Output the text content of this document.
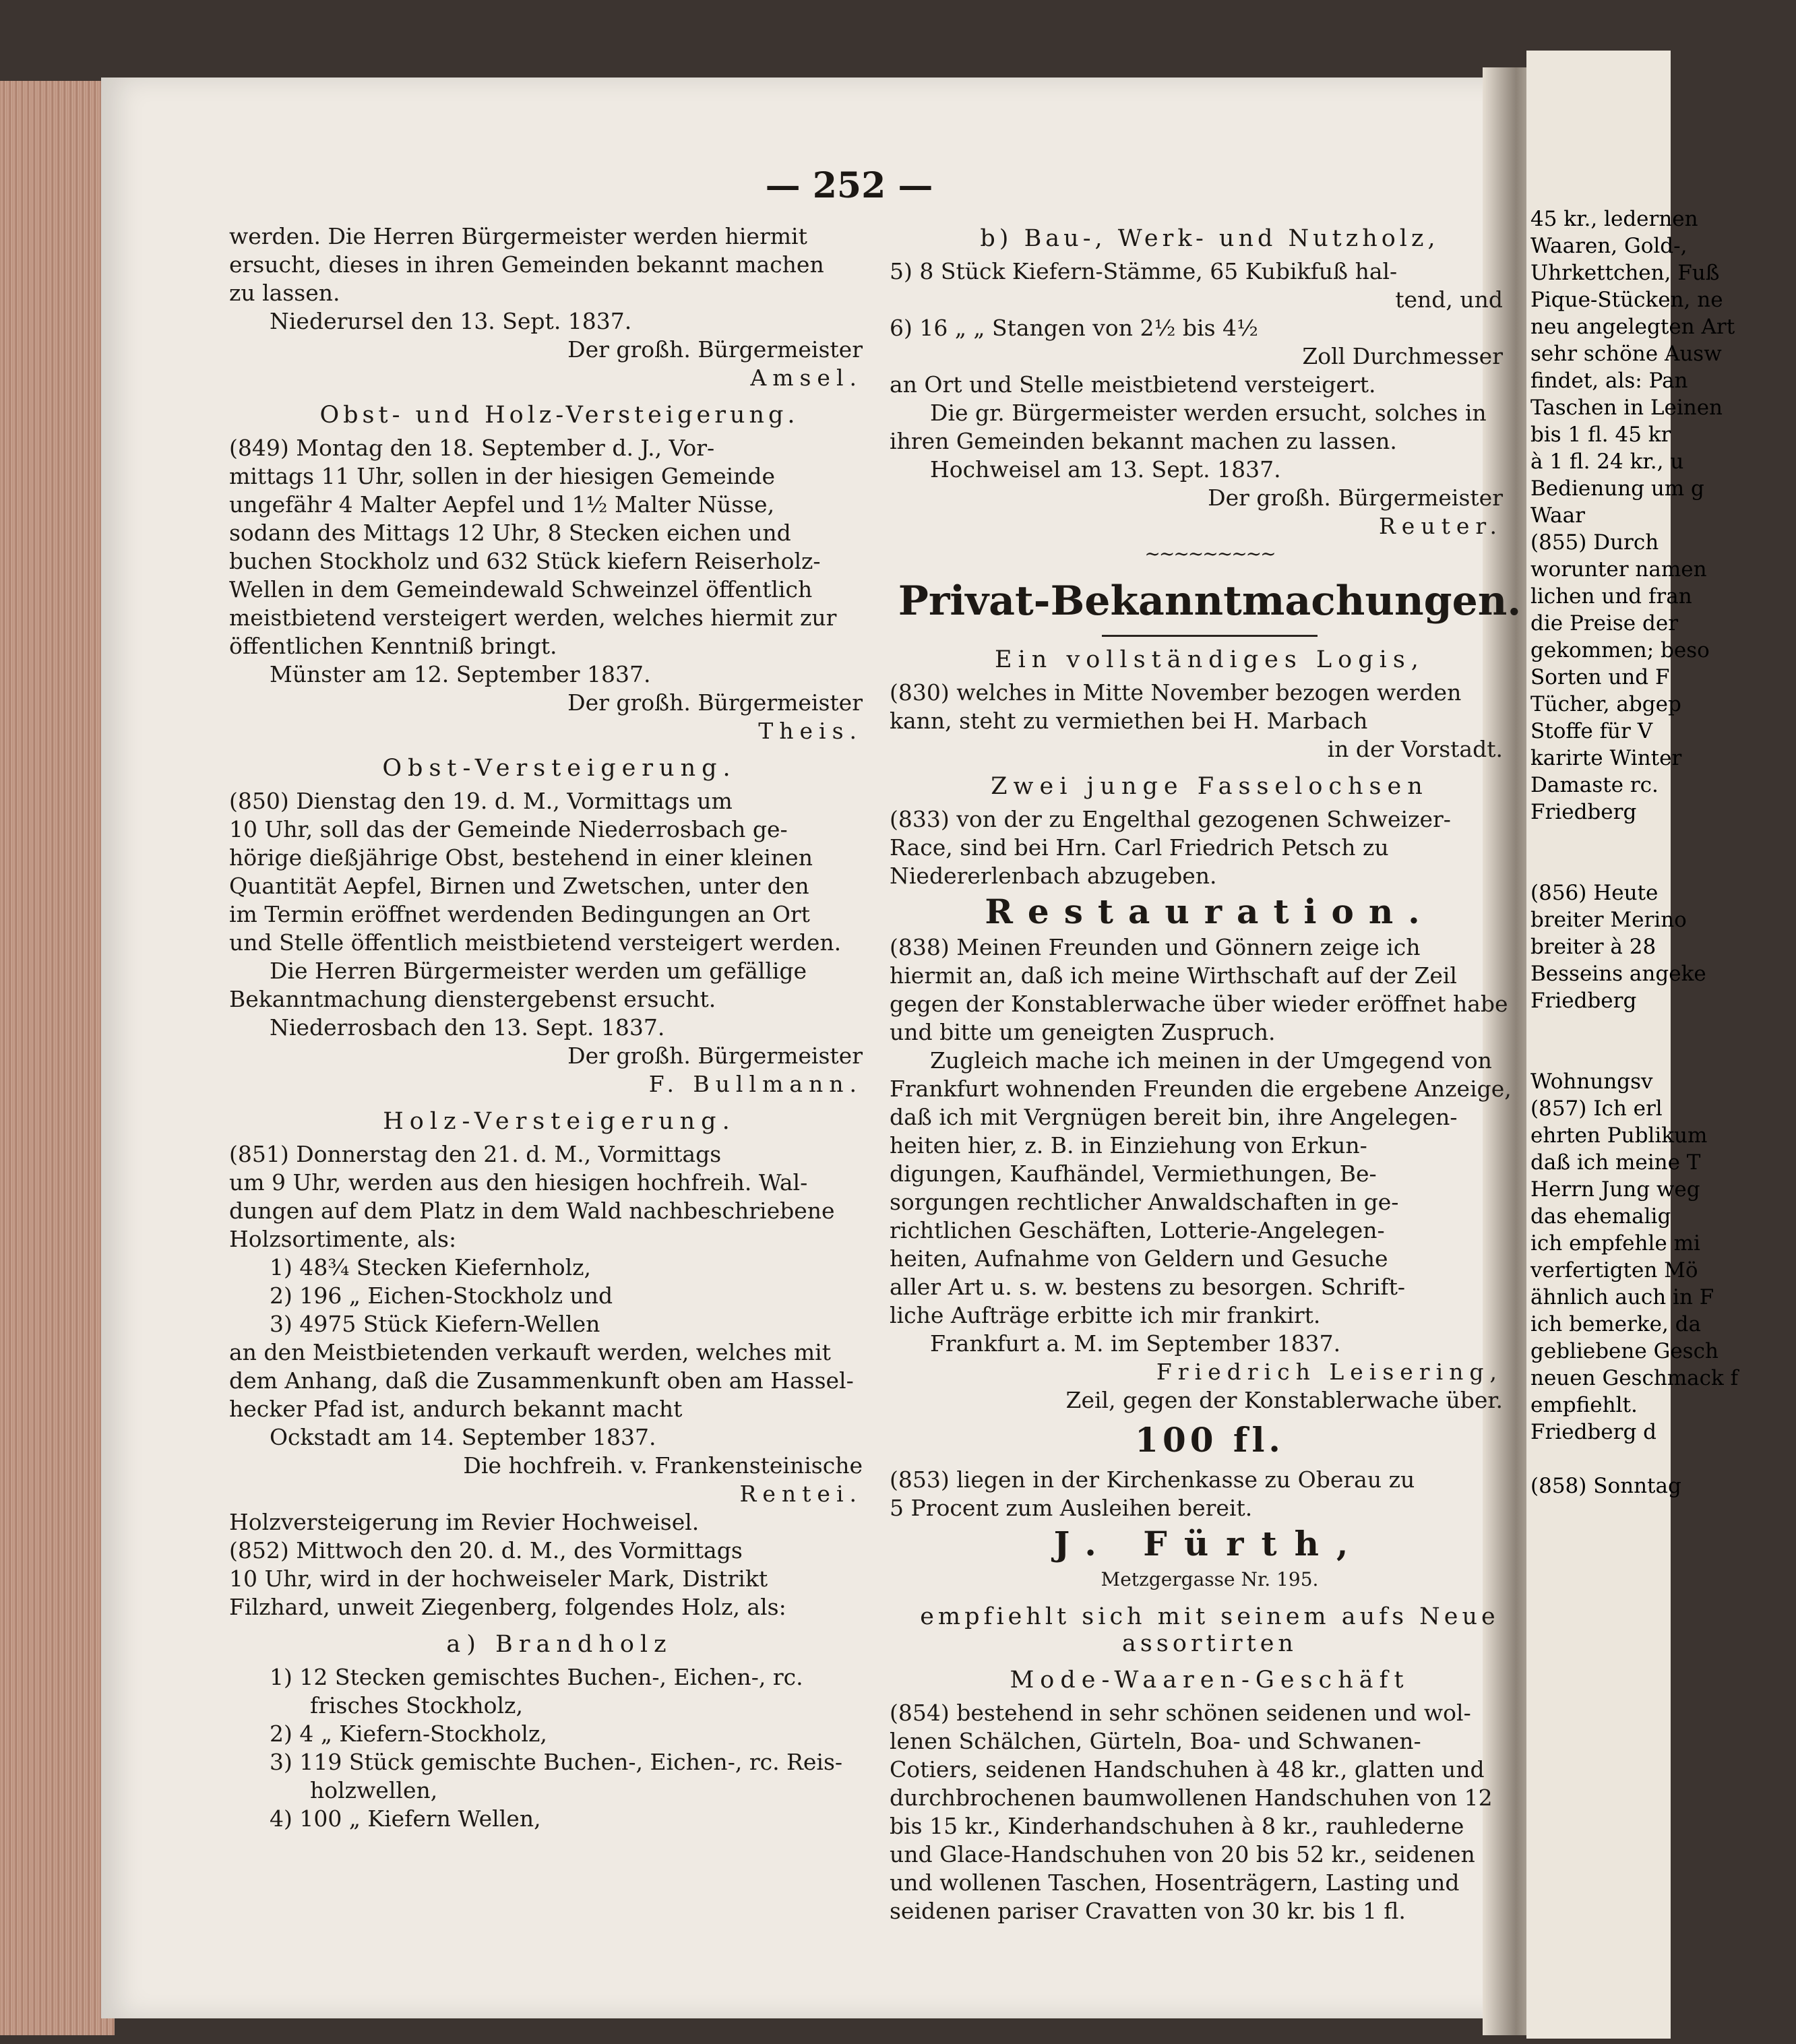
— 252 —
werden. Die Herren Bürgermeister werden hiermit
ersucht, dieses in ihren Gemeinden bekannt machen
zu lassen.
Niederursel den 13. Sept. 1837.
Der großh. Bürgermeister
Amsel.
Obst- und Holz-Versteigerung.
(849) Montag den 18. September d. J., Vor-
mittags 11 Uhr, sollen in der hiesigen Gemeinde
ungefähr 4 Malter Aepfel und 1½ Malter Nüsse,
sodann des Mittags 12 Uhr, 8 Stecken eichen und
buchen Stockholz und 632 Stück kiefern Reiserholz-
Wellen in dem Gemeindewald Schweinzel öffentlich
meistbietend versteigert werden, welches hiermit zur
öffentlichen Kenntniß bringt.
Münster am 12. September 1837.
Der großh. Bürgermeister
Theis.
Obst-Versteigerung.
(850) Dienstag den 19. d. M., Vormittags um
10 Uhr, soll das der Gemeinde Niederrosbach ge-
hörige dießjährige Obst, bestehend in einer kleinen
Quantität Aepfel, Birnen und Zwetschen, unter den
im Termin eröffnet werdenden Bedingungen an Ort
und Stelle öffentlich meistbietend versteigert werden.
Die Herren Bürgermeister werden um gefällige
Bekanntmachung dienstergebenst ersucht.
Niederrosbach den 13. Sept. 1837.
Der großh. Bürgermeister
F. Bullmann.
Holz-Versteigerung.
(851) Donnerstag den 21. d. M., Vormittags
um 9 Uhr, werden aus den hiesigen hochfreih. Wal-
dungen auf dem Platz in dem Wald nachbeschriebene
Holzsortimente, als:
1) 48¾ Stecken Kiefernholz,
2) 196 „ Eichen-Stockholz und
3) 4975 Stück Kiefern-Wellen
an den Meistbietenden verkauft werden, welches mit
dem Anhang, daß die Zusammenkunft oben am Hassel-
hecker Pfad ist, andurch bekannt macht
Ockstadt am 14. September 1837.
Die hochfreih. v. Frankensteinische
Rentei.
Holzversteigerung im Revier Hochweisel.
(852) Mittwoch den 20. d. M., des Vormittags
10 Uhr, wird in der hochweiseler Mark, Distrikt
Filzhard, unweit Ziegenberg, folgendes Holz, als:
a) Brandholz
1) 12 Stecken gemischtes Buchen-, Eichen-, rc.
frisches Stockholz,
2) 4 „ Kiefern-Stockholz,
3) 119 Stück gemischte Buchen-, Eichen-, rc. Reis-
holzwellen,
4) 100 „ Kiefern Wellen,
b) Bau-, Werk- und Nutzholz,
5) 8 Stück Kiefern-Stämme, 65 Kubikfuß hal-
tend, und
6) 16 „ „ Stangen von 2½ bis 4½
Zoll Durchmesser
an Ort und Stelle meistbietend versteigert.
Die gr. Bürgermeister werden ersucht, solches in
ihren Gemeinden bekannt machen zu lassen.
Hochweisel am 13. Sept. 1837.
Der großh. Bürgermeister
Reuter.
~~~~~~~~~
Privat-Bekanntmachungen.
Ein vollständiges Logis,
(830) welches in Mitte November bezogen werden
kann, steht zu vermiethen bei H. Marbach
in der Vorstadt.
Zwei junge Fasselochsen
(833) von der zu Engelthal gezogenen Schweizer-
Race, sind bei Hrn. Carl Friedrich Petsch zu
Niedererlenbach abzugeben.
Restauration.
(838) Meinen Freunden und Gönnern zeige ich
hiermit an, daß ich meine Wirthschaft auf der Zeil
gegen der Konstablerwache über wieder eröffnet habe
und bitte um geneigten Zuspruch.
Zugleich mache ich meinen in der Umgegend von
Frankfurt wohnenden Freunden die ergebene Anzeige,
daß ich mit Vergnügen bereit bin, ihre Angelegen-
heiten hier, z. B. in Einziehung von Erkun-
digungen, Kaufhändel, Vermiethungen, Be-
sorgungen rechtlicher Anwaldschaften in ge-
richtlichen Geschäften, Lotterie-Angelegen-
heiten, Aufnahme von Geldern und Gesuche
aller Art u. s. w. bestens zu besorgen. Schrift-
liche Aufträge erbitte ich mir frankirt.
Frankfurt a. M. im September 1837.
Friedrich Leisering,
Zeil, gegen der Konstablerwache über.
100 fl.
(853) liegen in der Kirchenkasse zu Oberau zu
5 Procent zum Ausleihen bereit.
J. Fürth,
Metzgergasse Nr. 195.
empfiehlt sich mit seinem aufs Neue assortirten
Mode-Waaren-Geschäft
(854) bestehend in sehr schönen seidenen und wol-
lenen Schälchen, Gürteln, Boa- und Schwanen-
Cotiers, seidenen Handschuhen à 48 kr., glatten und
durchbrochenen baumwollenen Handschuhen von 12
bis 15 kr., Kinderhandschuhen à 8 kr., rauhlederne
und Glace-Handschuhen von 20 bis 52 kr., seidenen
und wollenen Taschen, Hosenträgern, Lasting und
seidenen pariser Cravatten von 30 kr. bis 1 fl.
45 kr., ledernen
Waaren, Gold-,
Uhrkettchen, Fuß
Pique-Stücken, ne
neu angelegten Art
sehr schöne Ausw
findet, als: Pan
Taschen in Leinen
bis 1 fl. 45 kr
à 1 fl. 24 kr., u
Bedienung um g
Waar
(855) Durch
worunter namen
lichen und fran
die Preise der
gekommen; beso
Sorten und F
Tücher, abgep
Stoffe für V
karirte Winter
Damaste rc.
Friedberg

(856) Heute
breiter Merino
breiter à 28
Besseins angeke
Friedberg

Wohnungsv
(857) Ich erl
ehrten Publikum
daß ich meine T
Herrn Jung weg
das ehemalig
ich empfehle mi
verfertigten Mö
ähnlich auch in F
ich bemerke, da
gebliebene Gesch
neuen Geschmack f
empfiehlt.
Friedberg d

(858) Sonntag
